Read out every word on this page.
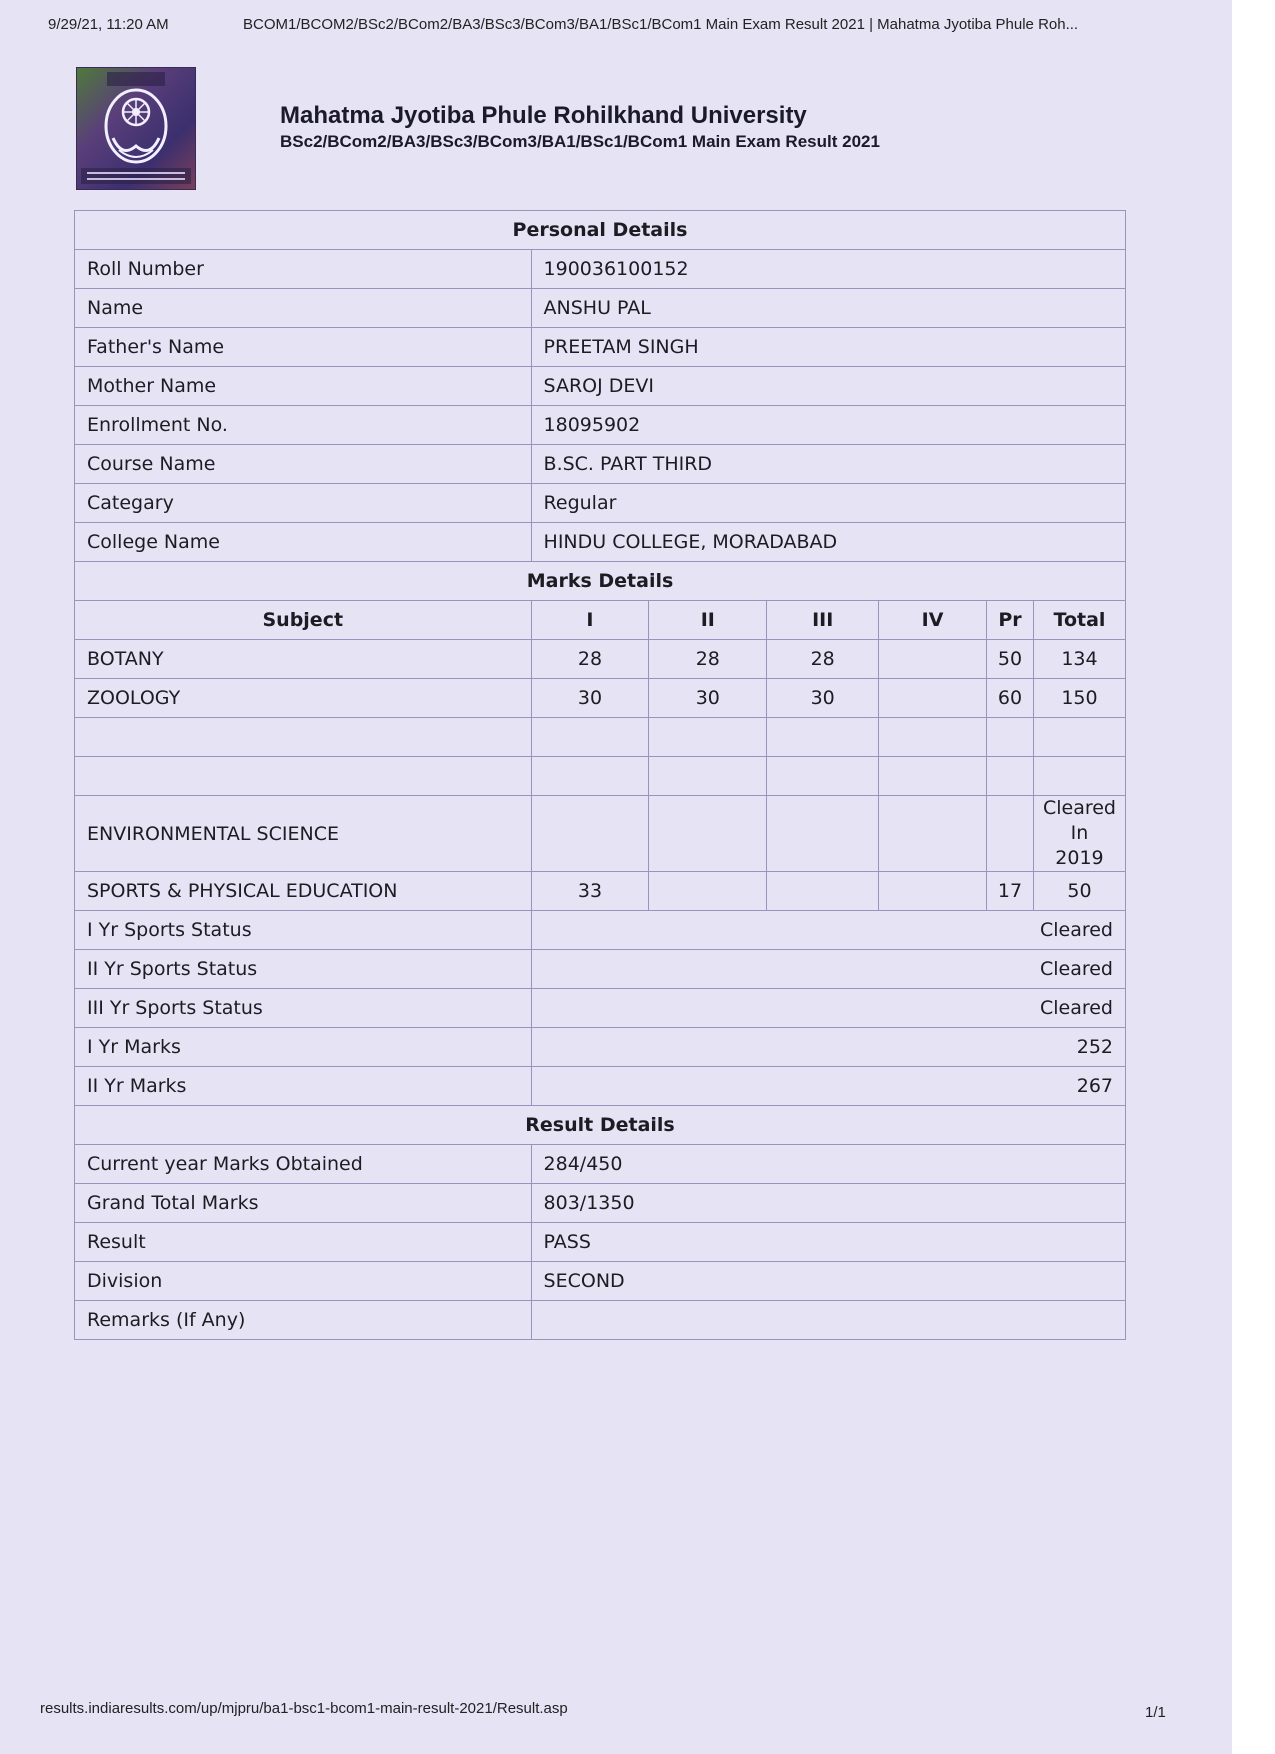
9/29/21, 11:20 AM	BCOM1/BCOM2/BSc2/BCom2/BA3/BSc3/BCom3/BA1/BSc1/BCom1 Main Exam Result 2021 | Mahatma Jyotiba Phule Roh...
Mahatma Jyotiba Phule Rohilkhand University
BSc2/BCom2/BA3/BSc3/BCom3/BA1/BSc1/BCom1 Main Exam Result 2021
Personal Details						
Roll Number	190036100152					
Name	ANSHU PAL					
Father's Name	PREETAM SINGH					
Mother Name	SAROJ DEVI					
Enrollment No.	18095902					
Course Name	B.SC. PART THIRD					
Categary	Regular					
College Name	HINDU COLLEGE, MORADABAD					
Marks Details						
Subject	I	II	III	IV	Pr	Total
BOTANY	28	28	28		50	134
ZOOLOGY	30	30	30		60	150

ENVIRONMENTAL SCIENCE						Cleared
In
2019
SPORTS & PHYSICAL EDUCATION	33				17	50
I Yr Sports Status	Cleared					
II Yr Sports Status	Cleared					
III Yr Sports Status	Cleared					
I Yr Marks	252					
II Yr Marks	267					
Result Details						
Current year Marks Obtained	284/450					
Grand Total Marks	803/1350					
Result	PASS					
Division	SECOND					
Remarks (If Any)						
results.indiaresults.com/up/mjpru/ba1-bsc1-bcom1-main-result-2021/Result.asp	1/1
